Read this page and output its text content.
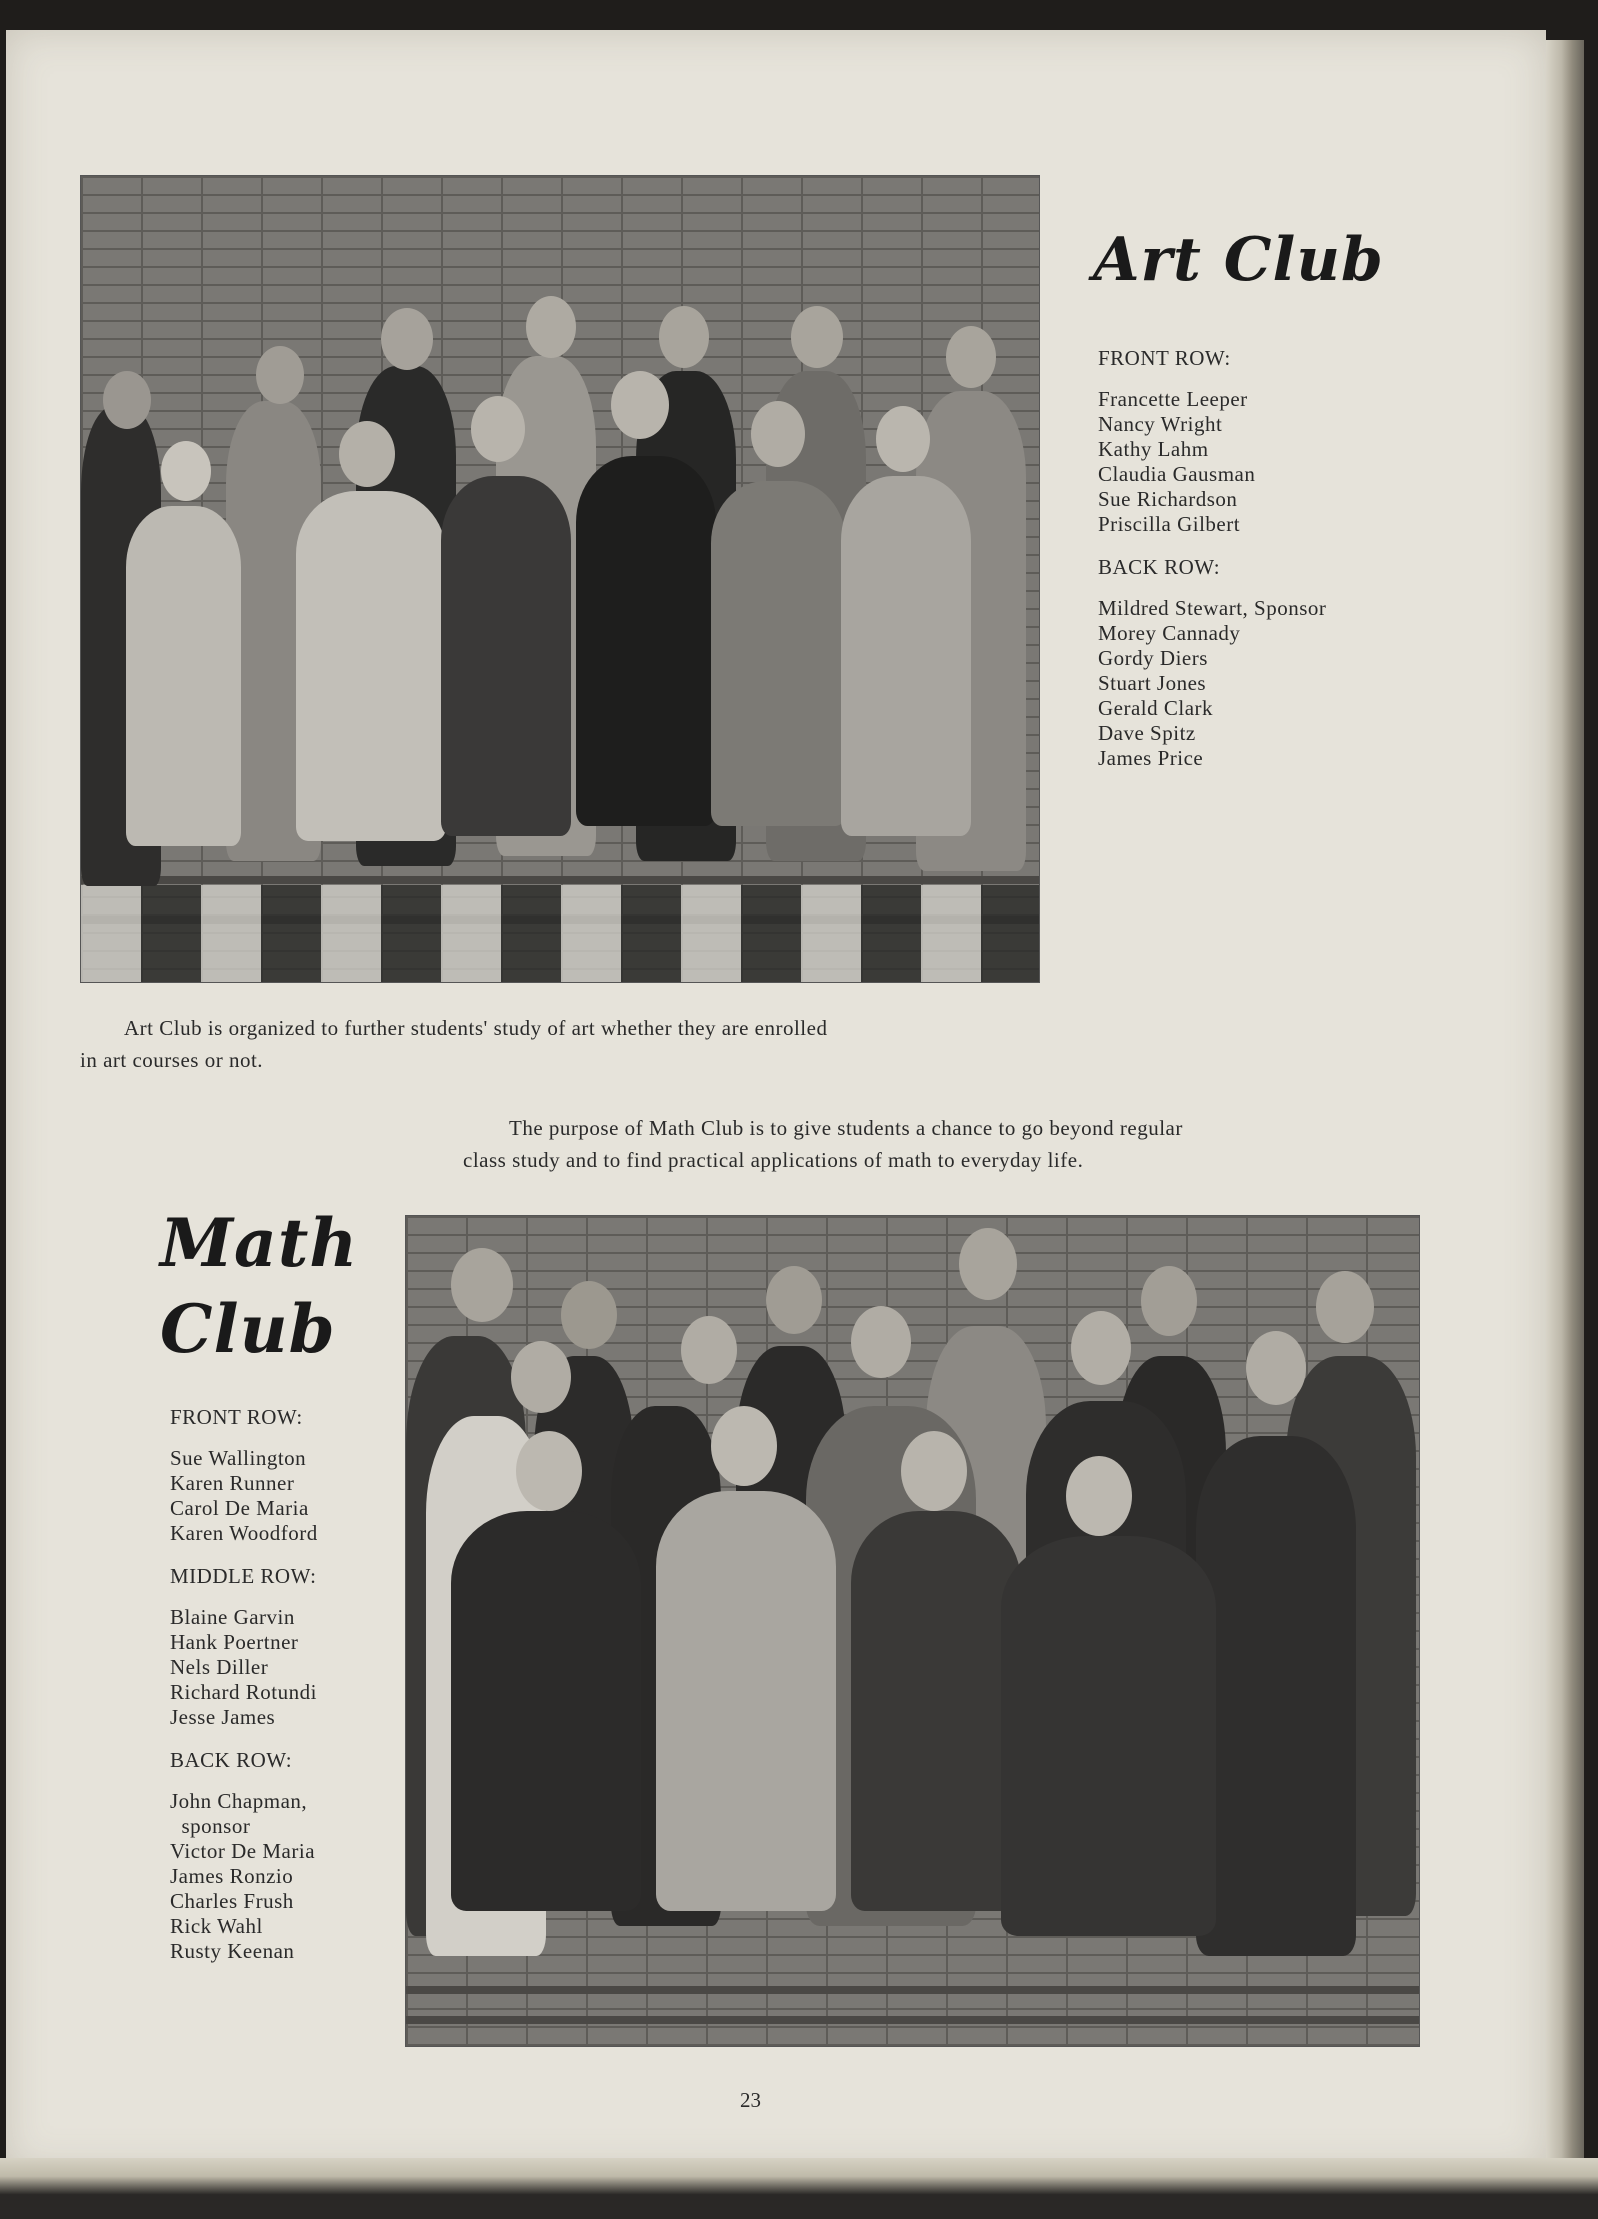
Art Club
FRONT ROW:
Francette Leeper
Nancy Wright
Kathy Lahm
Claudia Gausman
Sue Richardson
Priscilla Gilbert
BACK ROW:
Mildred Stewart, Sponsor
Morey Cannady
Gordy Diers
Stuart Jones
Gerald Clark
Dave Spitz
James Price
Art Club is organized to further students' study of art whether they are enrolled
in art courses or not.
The purpose of Math Club is to give students a chance to go beyond regular
class study and to find practical applications of math to everyday life.
Math
Club
FRONT ROW:
Sue Wallington
Karen Runner
Carol De Maria
Karen Woodford
MIDDLE ROW:
Blaine Garvin
Hank Poertner
Nels Diller
Richard Rotundi
Jesse James
BACK ROW:
John Chapman,
sponsor
Victor De Maria
James Ronzio
Charles Frush
Rick Wahl
Rusty Keenan
23
